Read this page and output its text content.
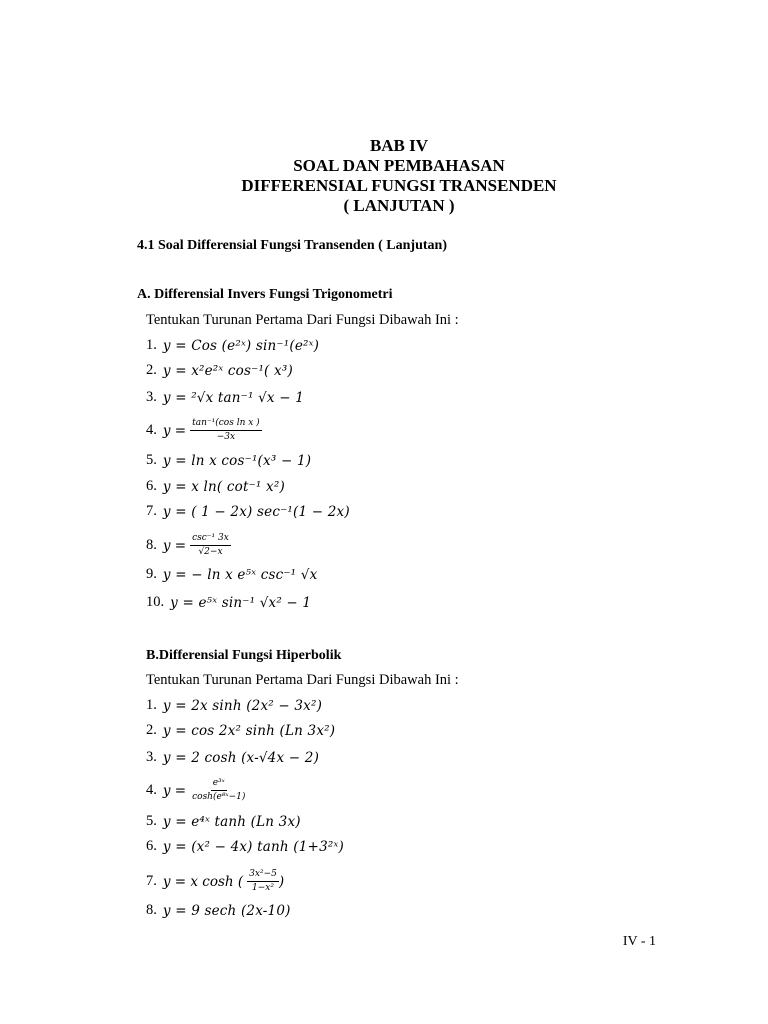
BAB IV
SOAL DAN PEMBAHASAN
DIFFERENSIAL FUNGSI TRANSENDEN
( LANJUTAN )
4.1 Soal Differensial Fungsi Transenden ( Lanjutan)
A. Differensial Invers Fungsi Trigonometri
Tentukan Turunan Pertama Dari Fungsi Dibawah Ini :
1. y = Cos (e²ˣ) sin⁻¹(e²ˣ)
2. y = x²e²ˣ cos⁻¹( x³)
3. y = ²√x tan⁻¹ √x − 1
4. $y = \frac{\text{tan⁻¹(cos ln x )}}{-3x}$
5. y = ln x cos⁻¹(x³ − 1)
6. y = x ln( cot⁻¹ x²)
7. y = ( 1 − 2x) sec⁻¹(1 − 2x)
8. $y = \frac{\text{csc⁻¹ 3x}}{√2-x}$
9. y = − ln x e⁵ˣ csc⁻¹ √x
10. y = e⁵ˣ sin⁻¹ √x² − 1
B.Differensial Fungsi Hiperbolik
Tentukan Turunan Pertama Dari Fungsi Dibawah Ini :
1. y = 2x sinh (2x² − 3x²)
2. y = cos 2x² sinh (Ln 3x²)
3. y = 2 cosh (x-√4x − 2)
4. $y = \frac{\text{e³ˣ}}{\text{cosh(e⁸ˣ−1)}}$
5. y = e⁴ˣ tanh (Ln 3x)
6. y = (x² − 4x) tanh (1+3²ˣ)
7. y = x cosh ( $\frac{\text{3x²−5}}{\text{1−x²}}$ )
8. y = 9 sech (2x-10)
IV - 1
